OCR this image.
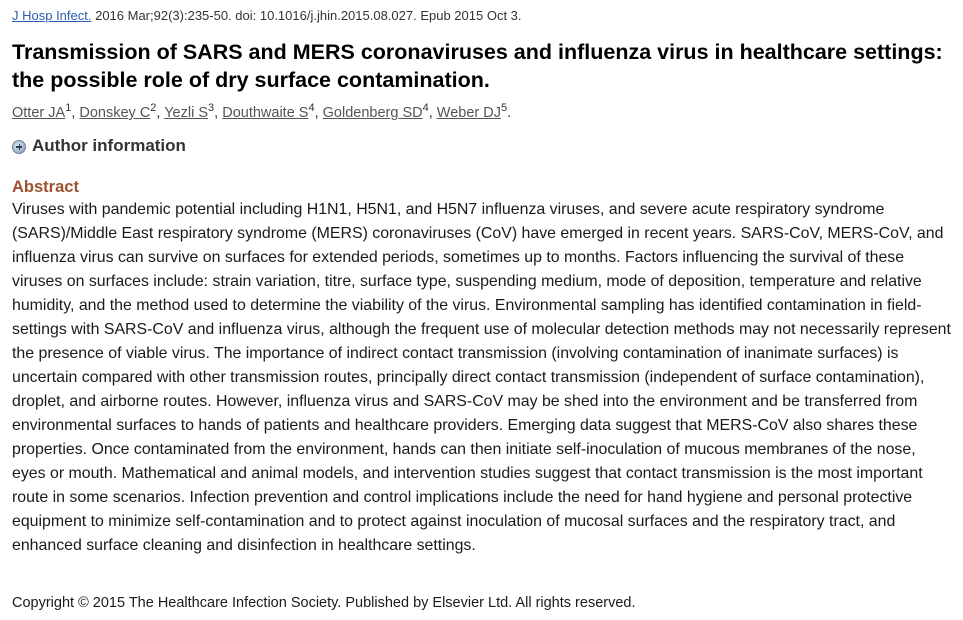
J Hosp Infect. 2016 Mar;92(3):235-50. doi: 10.1016/j.jhin.2015.08.027. Epub 2015 Oct 3.
Transmission of SARS and MERS coronaviruses and influenza virus in healthcare settings: the possible role of dry surface contamination.
Otter $JA^1$, Donskey $C^2$, Yezli $S^3$, Douthwaite $S^4$, Goldenberg $SD^4$, Weber $DJ^5$.
Author information
Abstract

Viruses with pandemic potential including H1N1, H5N1, and H5N7 influenza viruses, and severe acute respiratory syndrome (SARS)/Middle East respiratory syndrome (MERS) coronaviruses (CoV) have emerged in recent years. SARS-CoV, MERS-CoV, and influenza virus can survive on surfaces for extended periods, sometimes up to months. Factors influencing the survival of these viruses on surfaces include: strain variation, titre, surface type, suspending medium, mode of deposition, temperature and relative humidity, and the method used to determine the viability of the virus. Environmental sampling has identified contamination in field-settings with SARS-CoV and influenza virus, although the frequent use of molecular detection methods may not necessarily represent the presence of viable virus. The importance of indirect contact transmission (involving contamination of inanimate surfaces) is uncertain compared with other transmission routes, principally direct contact transmission (independent of surface contamination), droplet, and airborne routes. However, influenza virus and SARS-CoV may be shed into the environment and be transferred from environmental surfaces to hands of patients and healthcare providers. Emerging data suggest that MERS-CoV also shares these properties. Once contaminated from the environment, hands can then initiate self-inoculation of mucous membranes of the nose, eyes or mouth. Mathematical and animal models, and intervention studies suggest that contact transmission is the most important route in some scenarios. Infection prevention and control implications include the need for hand hygiene and personal protective equipment to minimize self-contamination and to protect against inoculation of mucosal surfaces and the respiratory tract, and enhanced surface cleaning and disinfection in healthcare settings.

Copyright © 2015 The Healthcare Infection Society. Published by Elsevier Ltd. All rights reserved.
